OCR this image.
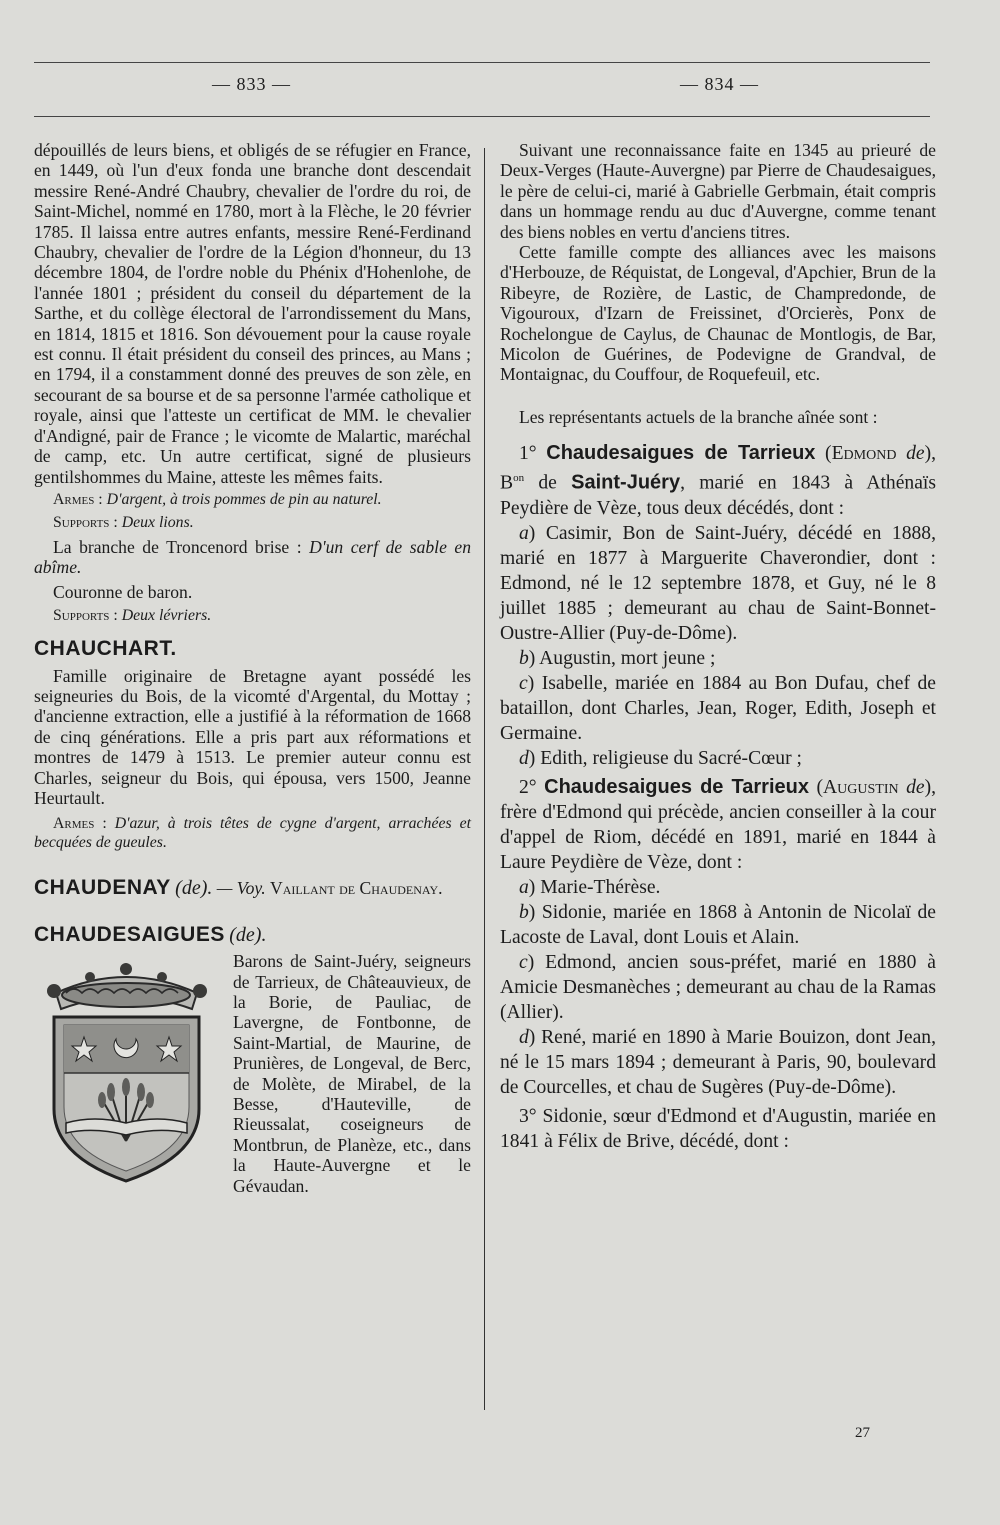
— 833 —	— 834 —

dépouillés de leurs biens, et obligés de se réfugier en France, en 1449, où l'un d'eux fonda une branche dont descendait messire René-André Chaubry, chevalier de l'ordre du roi, de Saint-Michel, nommé en 1780, mort à la Flèche, le 20 février 1785. Il laissa entre autres enfants, messire René-Ferdinand Chaubry, chevalier de l'ordre de la Légion d'honneur, du 13 décembre 1804, de l'ordre noble du Phénix d'Hohenlohe, de l'année 1801 ; président du conseil du département de la Sarthe, et du collège électoral de l'arrondissement du Mans, en 1814, 1815 et 1816. Son dévouement pour la cause royale est connu. Il était président du conseil des princes, au Mans ; en 1794, il a constamment donné des preuves de son zèle, en secourant de sa bourse et de sa personne l'armée catholique et royale, ainsi que l'atteste un certificat de MM. le chevalier d'Andigné, pair de France ; le vicomte de Malartic, maréchal de camp, etc. Un autre certificat, signé de plusieurs gentilshommes du Maine, atteste les mêmes faits.

Armes : D'argent, à trois pommes de pin au naturel.

Supports : Deux lions.

La branche de Troncenord brise : D'un cerf de sable en abîme.

Couronne de baron.

Supports : Deux lévriers.

CHAUCHART.

Famille originaire de Bretagne ayant possédé les seigneuries du Bois, de la vicomté d'Argental, du Mottay ; d'ancienne extraction, elle a justifié à la réformation de 1668 de cinq générations. Elle a pris part aux réformations et montres de 1479 à 1513. Le premier auteur connu est Charles, seigneur du Bois, qui épousa, vers 1500, Jeanne Heurtault.

Armes : D'azur, à trois têtes de cygne d'argent, arrachées et becquées de gueules.

CHAUDENAY (de). — Voy. Vaillant de Chaudenay.

CHAUDESAIGUES (de).

Barons de Saint-Juéry, seigneurs de Tarrieux, de Châteauvieux, de la Borie, de Pauliac, de Lavergne, de Fontbonne, de Saint-Martial, de Maurine, de Prunières, de Longeval, de Berc, de Molète, de Mirabel, de la Besse, d'Hauteville, de Rieussalat, coseigneurs de Montbrun, de Planèze, etc., dans la Haute-Auvergne et le Gévaudan.

Suivant une reconnaissance faite en 1345 au prieuré de Deux-Verges (Haute-Auvergne) par Pierre de Chaudesaigues, le père de celui-ci, marié à Gabrielle Gerbmain, était compris dans un hommage rendu au duc d'Auvergne, comme tenant des biens nobles en vertu d'anciens titres.

Cette famille compte des alliances avec les maisons d'Herbouze, de Réquistat, de Longeval, d'Apchier, Brun de la Ribeyre, de Rozière, de Lastic, de Champredonde, de Vigouroux, d'Izarn de Freissinet, d'Orcierès, Ponx de Rochelongue de Caylus, de Chaunac de Montlogis, de Bar, Micolon de Guérines, de Podevigne de Grandval, de Montaignac, du Couffour, de Roquefeuil, etc.

Les représentants actuels de la branche aînée sont :

1° Chaudesaigues de Tarrieux (Edmond de), $B^{on}$ de Saint-Juéry, marié en 1843 à Athénaïs Peydière de Vèze, tous deux décédés, dont :

a) Casimir, Bon de Saint-Juéry, décédé en 1888, marié en 1877 à Marguerite Chaverondier, dont : Edmond, né le 12 septembre 1878, et Guy, né le 8 juillet 1885 ; demeurant au chau de Saint-Bonnet-Oustre-Allier (Puy-de-Dôme).

b) Augustin, mort jeune ;

c) Isabelle, mariée en 1884 au Bon Dufau, chef de bataillon, dont Charles, Jean, Roger, Edith, Joseph et Germaine.

d) Edith, religieuse du Sacré-Cœur ;

2° Chaudesaigues de Tarrieux (Augustin de), frère d'Edmond qui précède, ancien conseiller à la cour d'appel de Riom, décédé en 1891, marié en 1844 à Laure Peydière de Vèze, dont :

a) Marie-Thérèse.

b) Sidonie, mariée en 1868 à Antonin de Nicolaï de Lacoste de Laval, dont Louis et Alain.

c) Edmond, ancien sous-préfet, marié en 1880 à Amicie Desmanèches ; demeurant au chau de la Ramas (Allier).

d) René, marié en 1890 à Marie Bouizon, dont Jean, né le 15 mars 1894 ; demeurant à Paris, 90, boulevard de Courcelles, et chau de Sugères (Puy-de-Dôme).

3° Sidonie, sœur d'Edmond et d'Augustin, mariée en 1841 à Félix de Brive, décédé, dont :

27
